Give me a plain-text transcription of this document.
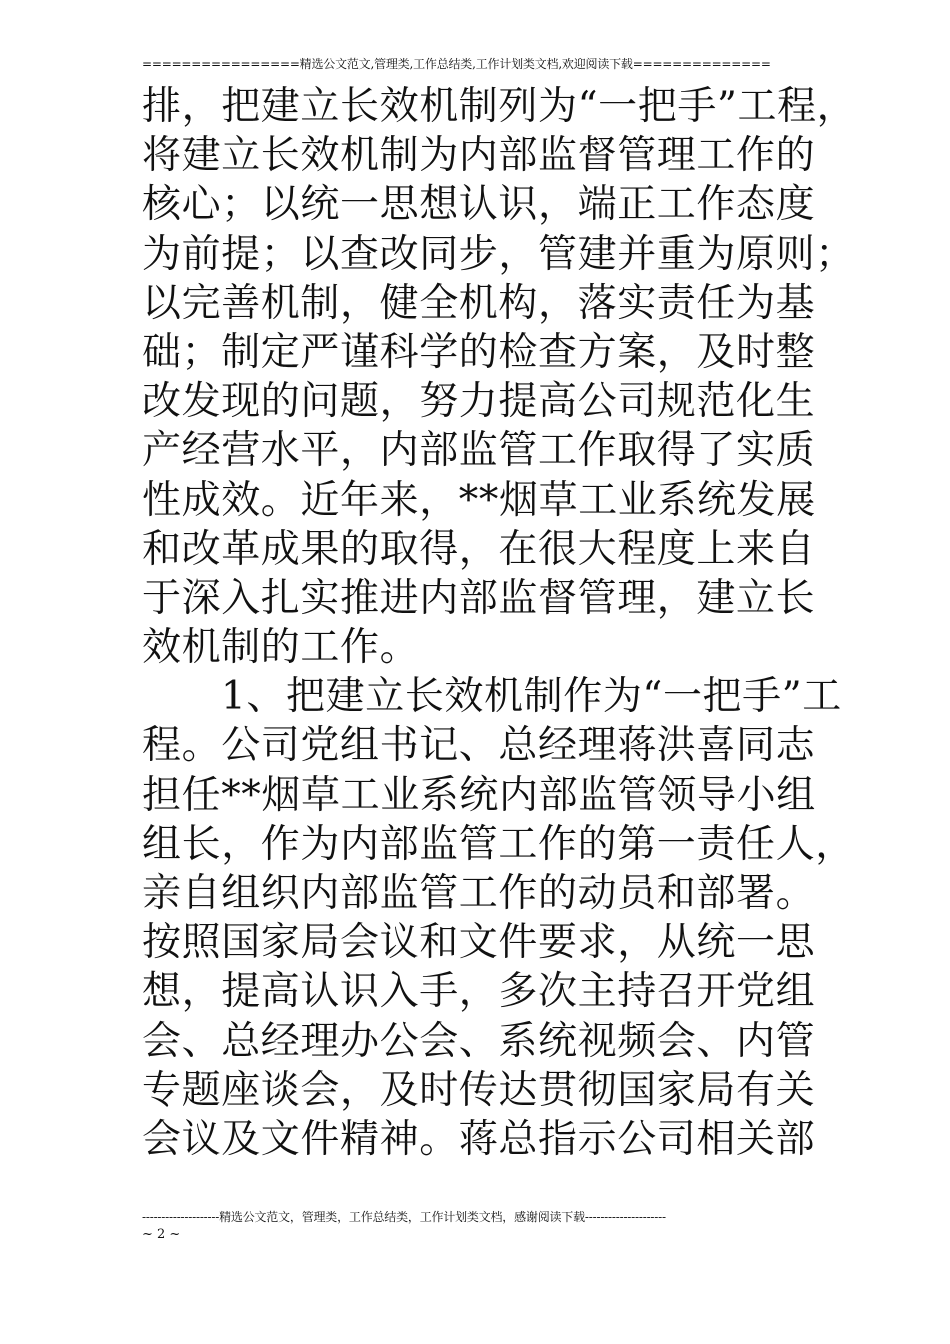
================精选公文范文,管理类,工作总结类,工作计划类文档,欢迎阅读下载==============
排，把建立长效机制列为“一把手”工程，
将建立长效机制为内部监督管理工作的
核心；以统一思想认识，端正工作态度
为前提；以查改同步，管建并重为原则；
以完善机制，健全机构，落实责任为基
础；制定严谨科学的检查方案，及时整
改发现的问题，努力提高公司规范化生
产经营水平，内部监管工作取得了实质
性成效。近年来，**烟草工业系统发展
和改革成果的取得，在很大程度上来自
于深入扎实推进内部监督管理，建立长
效机制的工作。
1、把建立长效机制作为“一把手”工
程。公司党组书记、总经理蒋洪喜同志
担任**烟草工业系统内部监管领导小组
组长，作为内部监管工作的第一责任人，
亲自组织内部监管工作的动员和部署。
按照国家局会议和文件要求，从统一思
想，提高认识入手，多次主持召开党组
会、总经理办公会、系统视频会、内管
专题座谈会，及时传达贯彻国家局有关
会议及文件精神。蒋总指示公司相关部
--------------------精选公文范文，管理类，工作总结类，工作计划类文档，感谢阅读下载---------------------
~ 2 ~
